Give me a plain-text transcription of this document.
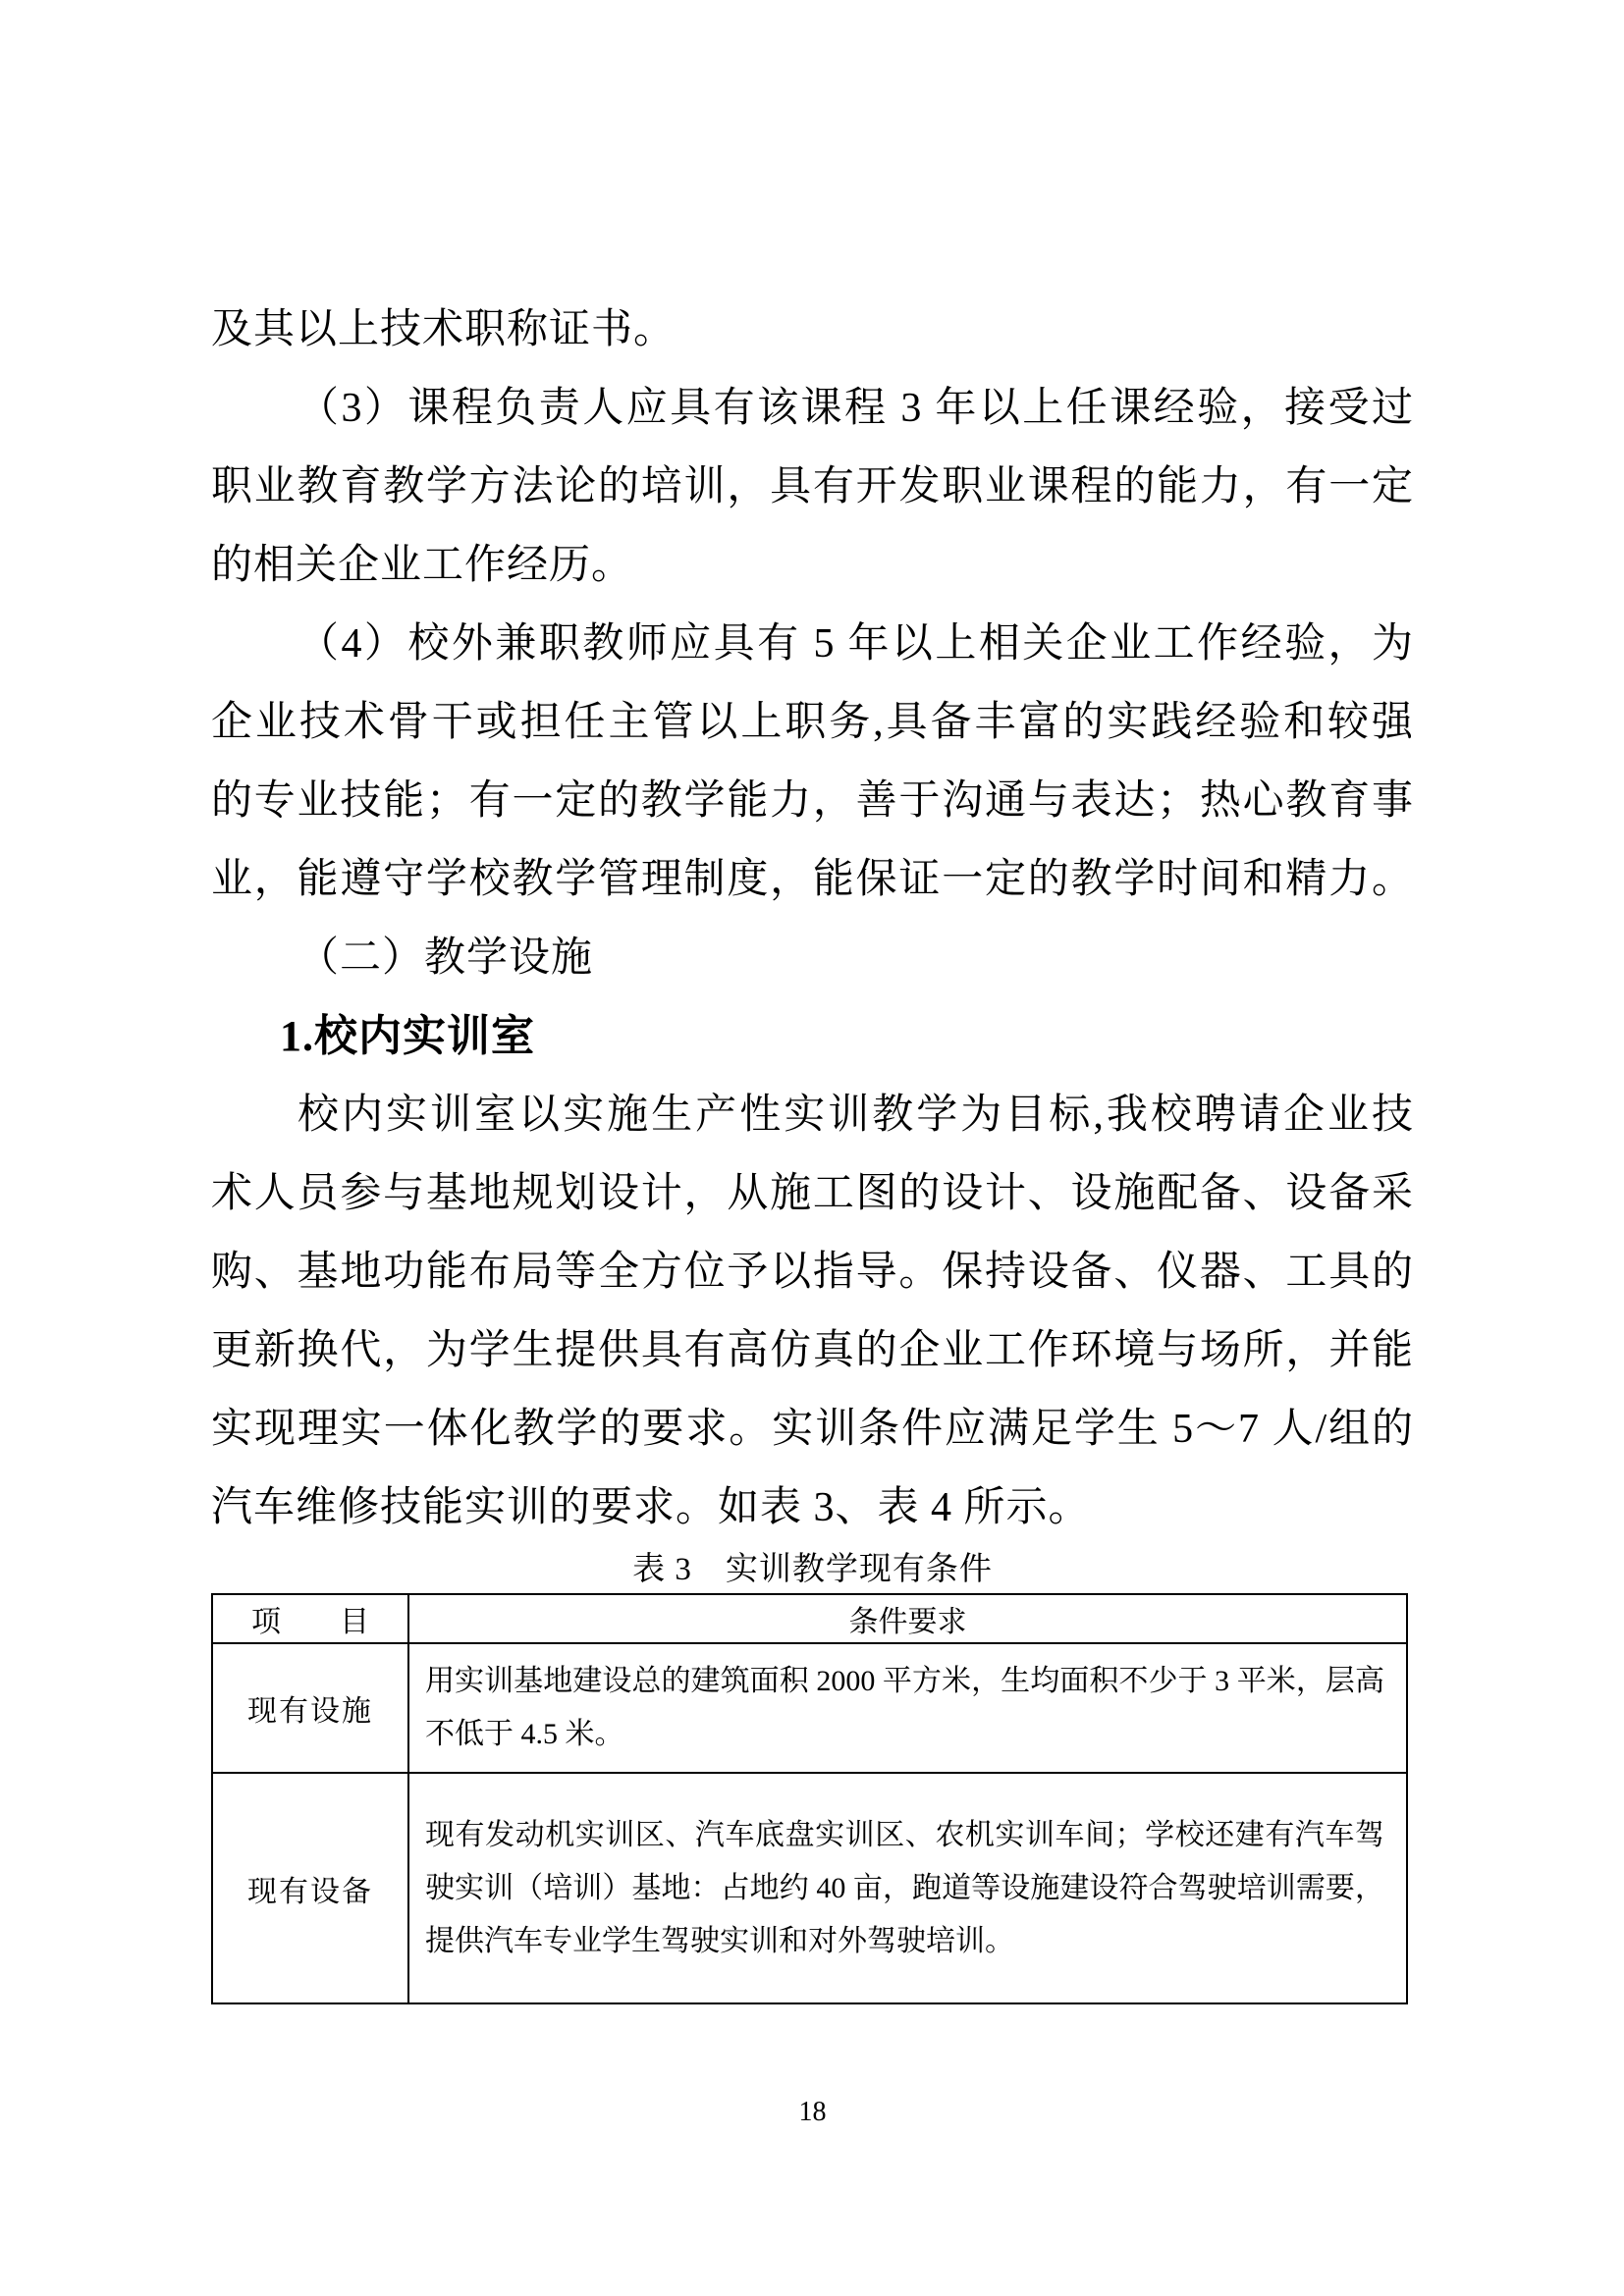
及其以上技术职称证书。
（3）课程负责人应具有该课程 3 年以上任课经验，接受过
职业教育教学方法论的培训，具有开发职业课程的能力，有一定
的相关企业工作经历。
（4）校外兼职教师应具有 5 年以上相关企业工作经验，为
企业技术骨干或担任主管以上职务,具备丰富的实践经验和较强
的专业技能；有一定的教学能力，善于沟通与表达；热心教育事
业，能遵守学校教学管理制度，能保证一定的教学时间和精力。
（二）教学设施
1.校内实训室
校内实训室以实施生产性实训教学为目标,我校聘请企业技
术人员参与基地规划设计，从施工图的设计、设施配备、设备采
购、基地功能布局等全方位予以指导。保持设备、仪器、工具的
更新换代，为学生提供具有高仿真的企业工作环境与场所，并能
实现理实一体化教学的要求。实训条件应满足学生 5～7 人/组的
汽车维修技能实训的要求。如表 3、表 4 所示。
表 3　实训教学现有条件
项　　目	条件要求
现有设施	用实训基地建设总的建筑面积 2000 平方米，生均面积不少于 3 平米，层高不低于 4.5 米。
现有设备	现有发动机实训区、汽车底盘实训区、农机实训车间；学校还建有汽车驾驶实训（培训）基地：占地约 40 亩，跑道等设施建设符合驾驶培训需要，提供汽车专业学生驾驶实训和对外驾驶培训。
18
